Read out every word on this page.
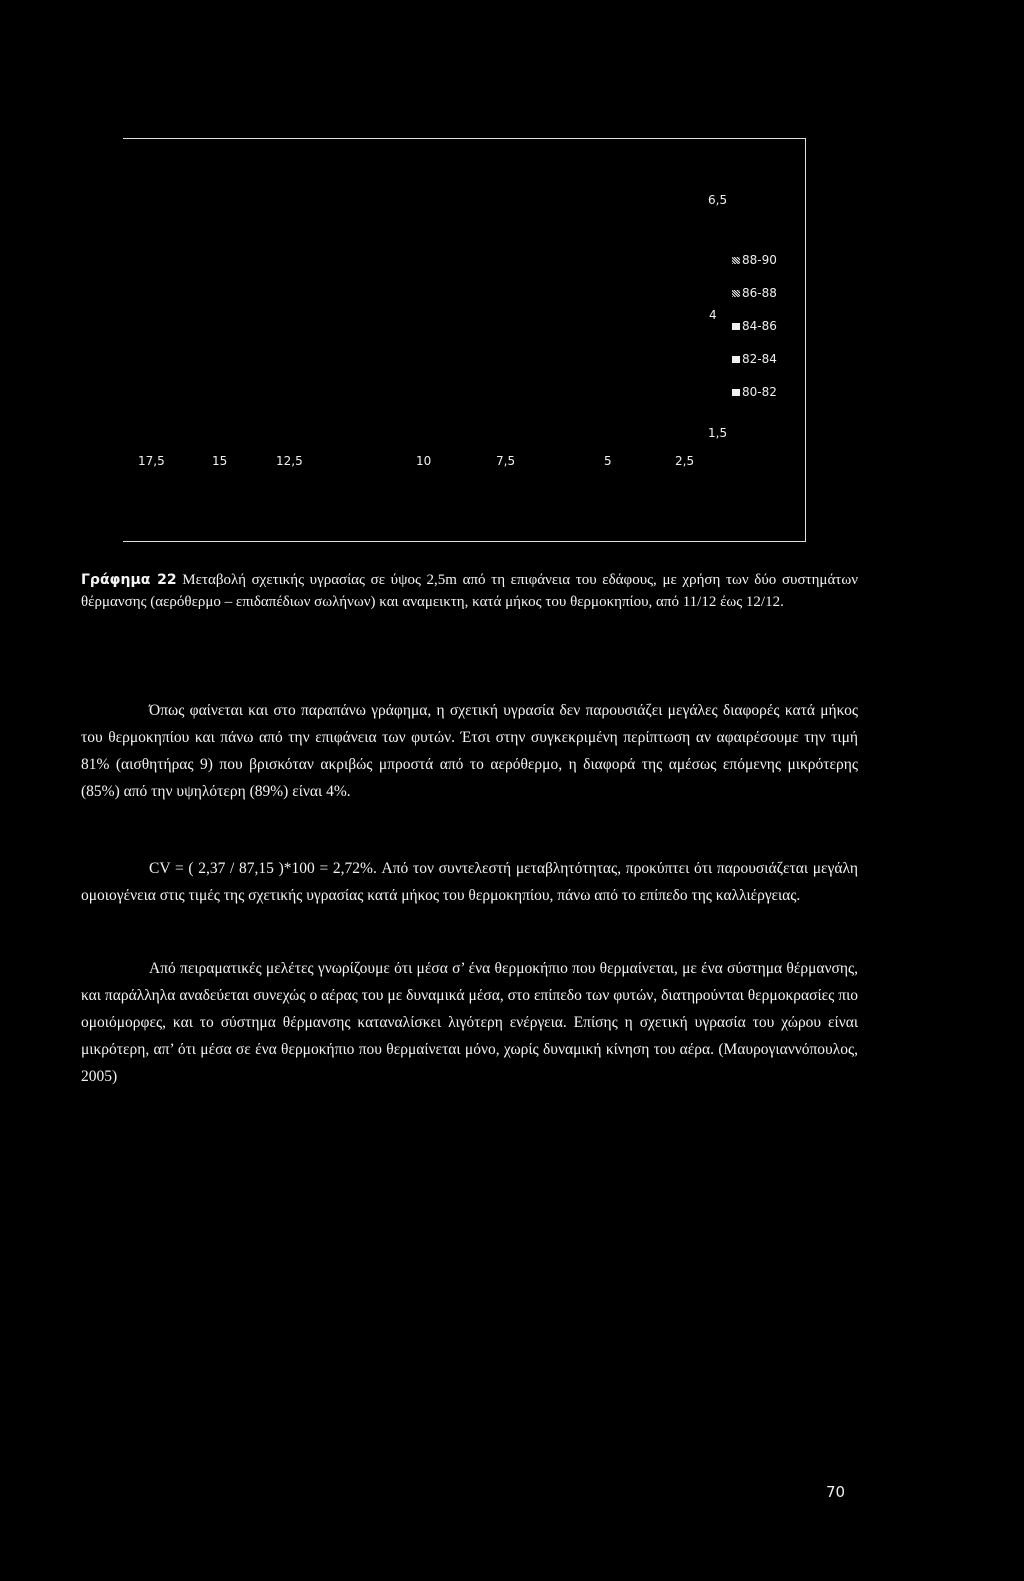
6,5
4
1,5
88-90
86-88
84-86
82-84
80-82
17,5	15	12,5	10	7,5	5	2,5
Γράφημα 22 Μεταβολή σχετικής υγρασίας σε ύψος 2,5m από τη επιφάνεια του εδάφους, με χρήση των δύο συστημάτων θέρμανσης (αερόθερμο – επιδαπέδιων σωλήνων) και αναμεικτη, κατά μήκος του θερμοκηπίου, από 11/12 έως 12/12.

Όπως φαίνεται και στο παραπάνω γράφημα, η σχετική υγρασία δεν παρουσιάζει μεγάλες διαφορές κατά μήκος του θερμοκηπίου και πάνω από την επιφάνεια των φυτών. Έτσι στην συγκεκριμένη περίπτωση αν αφαιρέσουμε την τιμή 81% (αισθητήρας 9) που βρισκόταν ακριβώς μπροστά από το αερόθερμο, η διαφορά της αμέσως επόμενης μικρότερης (85%) από την υψηλότερη (89%) είναι 4%.

CV = ( 2,37 / 87,15 )*100 = 2,72%. Από τον συντελεστή μεταβλητότητας, προκύπτει ότι παρουσιάζεται μεγάλη ομοιογένεια στις τιμές της σχετικής υγρασίας κατά μήκος του θερμοκηπίου, πάνω από το επίπεδο της καλλιέργειας.

Από πειραματικές μελέτες γνωρίζουμε ότι μέσα σ’ ένα θερμοκήπιο που θερμαίνεται, με ένα σύστημα θέρμανσης, και παράλληλα αναδεύεται συνεχώς ο αέρας του με δυναμικά μέσα, στο επίπεδο των φυτών, διατηρούνται θερμοκρασίες πιο ομοιόμορφες, και το σύστημα θέρμανσης καταναλίσκει λιγότερη ενέργεια. Επίσης η σχετική υγρασία του χώρου είναι μικρότερη, απ’ ότι μέσα σε ένα θερμοκήπιο που θερμαίνεται μόνο, χωρίς δυναμική κίνηση του αέρα. (Μαυρογιαννόπουλος, 2005)

70
